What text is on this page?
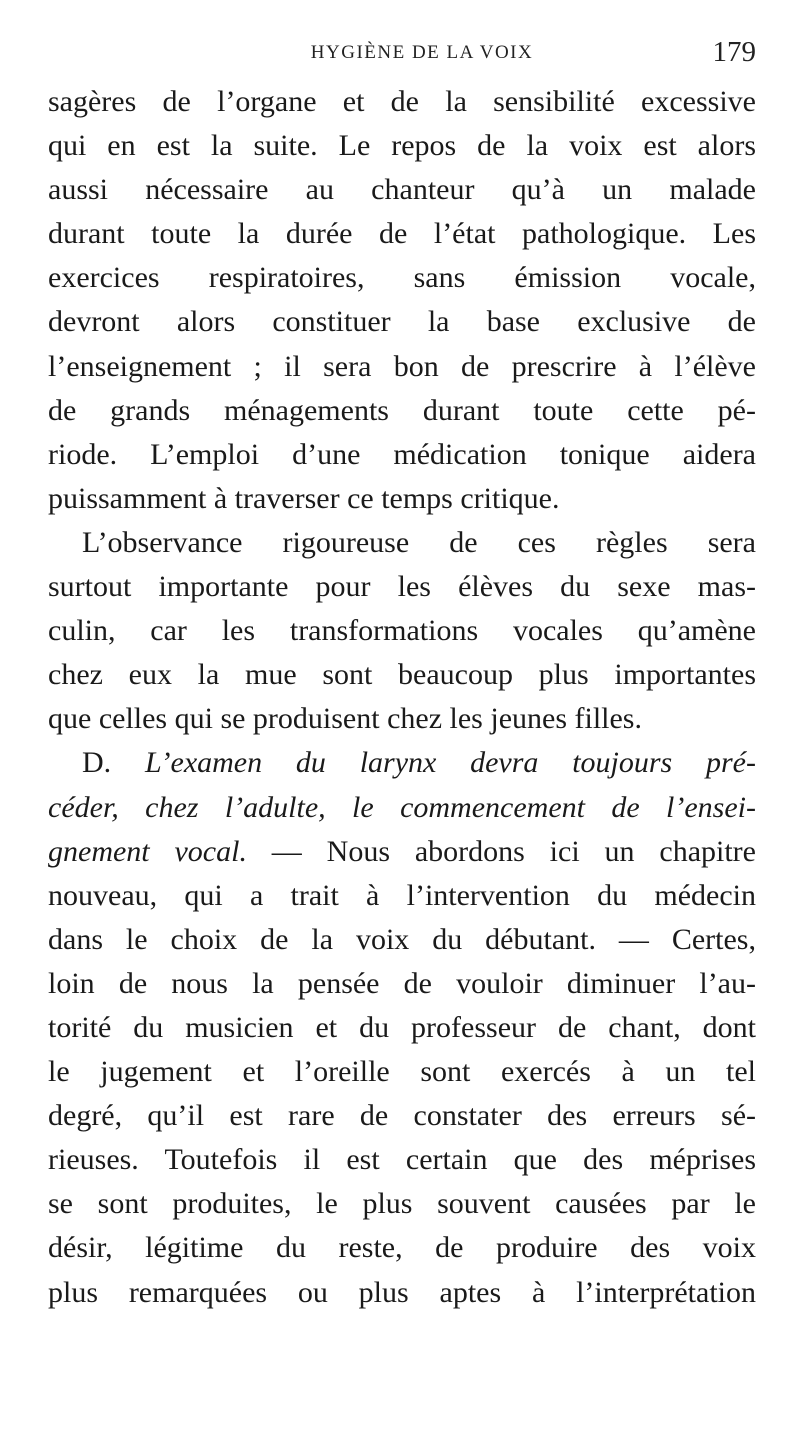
HYGIÈNE DE LA VOIX	179
sagères de l’organe et de la sensibilité excessive
qui en est la suite. Le repos de la voix est alors
aussi nécessaire au chanteur qu’à un malade
durant toute la durée de l’état pathologique. Les
exercices respiratoires, sans émission vocale,
devront alors constituer la base exclusive de
l’enseignement ; il sera bon de prescrire à l’élève
de grands ménagements durant toute cette pé-
riode. L’emploi d’une médication tonique aidera
puissamment à traverser ce temps critique.
L’observance rigoureuse de ces règles sera
surtout importante pour les élèves du sexe mas-
culin, car les transformations vocales qu’amène
chez eux la mue sont beaucoup plus importantes
que celles qui se produisent chez les jeunes filles.
D. L’examen du larynx devra toujours pré-
céder, chez l’adulte, le commencement de l’ensei-
gnement vocal. — Nous abordons ici un chapitre
nouveau, qui a trait à l’intervention du médecin
dans le choix de la voix du débutant. — Certes,
loin de nous la pensée de vouloir diminuer l’au-
torité du musicien et du professeur de chant, dont
le jugement et l’oreille sont exercés à un tel
degré, qu’il est rare de constater des erreurs sé-
rieuses. Toutefois il est certain que des méprises
se sont produites, le plus souvent causées par le
désir, légitime du reste, de produire des voix
plus remarquées ou plus aptes à l’interprétation
